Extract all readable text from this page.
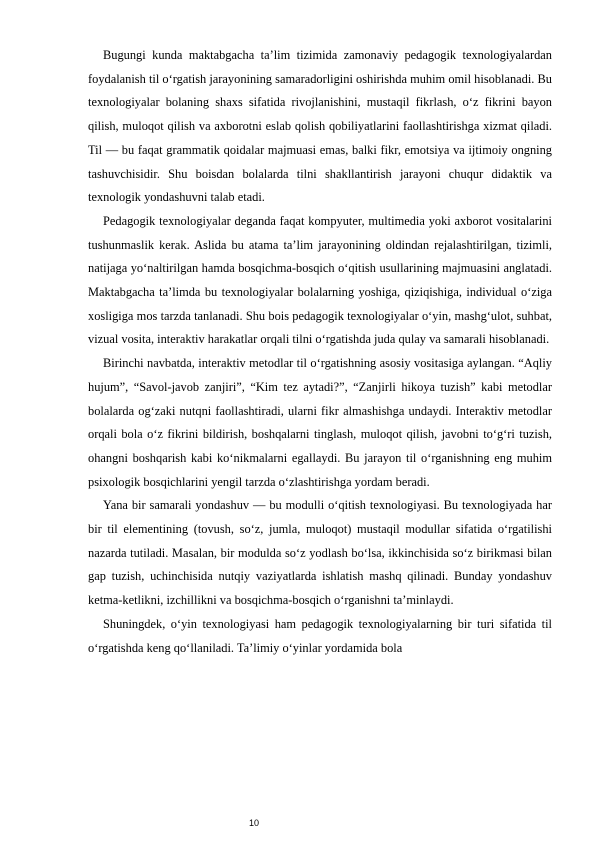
Bugungi kunda maktabgacha ta’lim tizimida zamonaviy pedagogik texnologiyalardan foydalanish til o‘rgatish jarayonining samaradorligini oshirishda muhim omil hisoblanadi. Bu texnologiyalar bolaning shaxs sifatida rivojlanishini, mustaqil fikrlash, o‘z fikrini bayon qilish, muloqot qilish va axborotni eslab qolish qobiliyatlarini faollashtirishga xizmat qiladi. Til — bu faqat grammatik qoidalar majmuasi emas, balki fikr, emotsiya va ijtimoiy ongning tashuvchisidir. Shu boisdan bolalarda tilni shakllantirish jarayoni chuqur didaktik va texnologik yondashuvni talab etadi.

Pedagogik texnologiyalar deganda faqat kompyuter, multimedia yoki axborot vositalarini tushunmaslik kerak. Aslida bu atama ta’lim jarayonining oldindan rejalashtirilgan, tizimli, natijaga yo‘naltirilgan hamda bosqichma-bosqich o‘qitish usullarining majmuasini anglatadi. Maktabgacha ta’limda bu texnologiyalar bolalarning yoshiga, qiziqishiga, individual o‘ziga xosligiga mos tarzda tanlanadi. Shu bois pedagogik texnologiyalar o‘yin, mashg‘ulot, suhbat, vizual vosita, interaktiv harakatlar orqali tilni o‘rgatishda juda qulay va samarali hisoblanadi.

Birinchi navbatda, interaktiv metodlar til o‘rgatishning asosiy vositasiga aylangan. “Aqliy hujum”, “Savol-javob zanjiri”, “Kim tez aytadi?”, “Zanjirli hikoya tuzish” kabi metodlar bolalarda og‘zaki nutqni faollashtiradi, ularni fikr almashishga undaydi. Interaktiv metodlar orqali bola o‘z fikrini bildirish, boshqalarni tinglash, muloqot qilish, javobni to‘g‘ri tuzish, ohangni boshqarish kabi ko‘nikmalarni egallaydi. Bu jarayon til o‘rganishning eng muhim psixologik bosqichlarini yengil tarzda o‘zlashtirishga yordam beradi.

Yana bir samarali yondashuv — bu modulli o‘qitish texnologiyasi. Bu texnologiyada har bir til elementining (tovush, so‘z, jumla, muloqot) mustaqil modullar sifatida o‘rgatilishi nazarda tutiladi. Masalan, bir modulda so‘z yodlash bo‘lsa, ikkinchisida so‘z birikmasi bilan gap tuzish, uchinchisida nutqiy vaziyatlarda ishlatish mashq qilinadi. Bunday yondashuv ketma-ketlikni, izchillikni va bosqichma-bosqich o‘rganishni ta’minlaydi.

Shuningdek, o‘yin texnologiyasi ham pedagogik texnologiyalarning bir turi sifatida til o‘rgatishda keng qo‘llaniladi. Ta’limiy o‘yinlar yordamida bola

10
